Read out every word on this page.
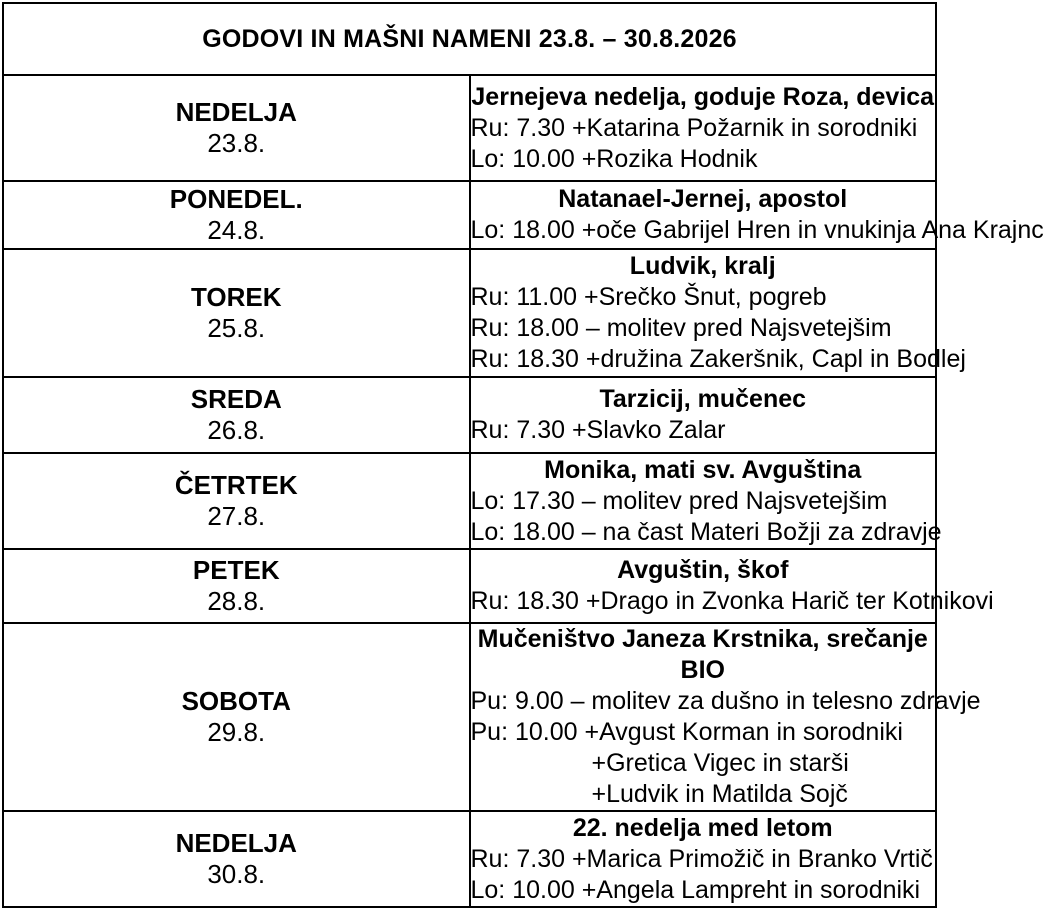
GODOVI IN MAŠNI NAMENI 23.8. – 30.8.2026	

NEDELJA
23.8.	Jernejeva nedelja, goduje Roza, devica
Ru: 7.30 +Katarina Požarnik in sorodniki
Lo: 10.00 +Rozika Hodnik

PONEDEL.
24.8.	Natanael-Jernej, apostol
Lo: 18.00 +oče Gabrijel Hren in vnukinja Ana Krajnc

TOREK
25.8.	Ludvik, kralj
Ru: 11.00 +Srečko Šnut, pogreb
Ru: 18.00 – molitev pred Najsvetejšim
Ru: 18.30 +družina Zakeršnik, Capl in Bodlej

SREDA
26.8.	Tarzicij, mučenec
Ru: 7.30 +Slavko Zalar

ČETRTEK
27.8.	Monika, mati sv. Avguština
Lo: 17.30 – molitev pred Najsvetejšim
Lo: 18.00 – na čast Materi Božji za zdravje

PETEK
28.8.	Avguštin, škof
Ru: 18.30 +Drago in Zvonka Harič ter Kotnikovi

SOBOTA
29.8.	Mučeništvo Janeza Krstnika, srečanje BIO
Pu: 9.00 – molitev za dušno in telesno zdravje
Pu: 10.00 +Avgust Korman in sorodniki
+Gretica Vigec in starši
+Ludvik in Matilda Sojč

NEDELJA
30.8.	22. nedelja med letom
Ru: 7.30 +Marica Primožič in Branko Vrtič
Lo: 10.00 +Angela Lampreht in sorodniki
